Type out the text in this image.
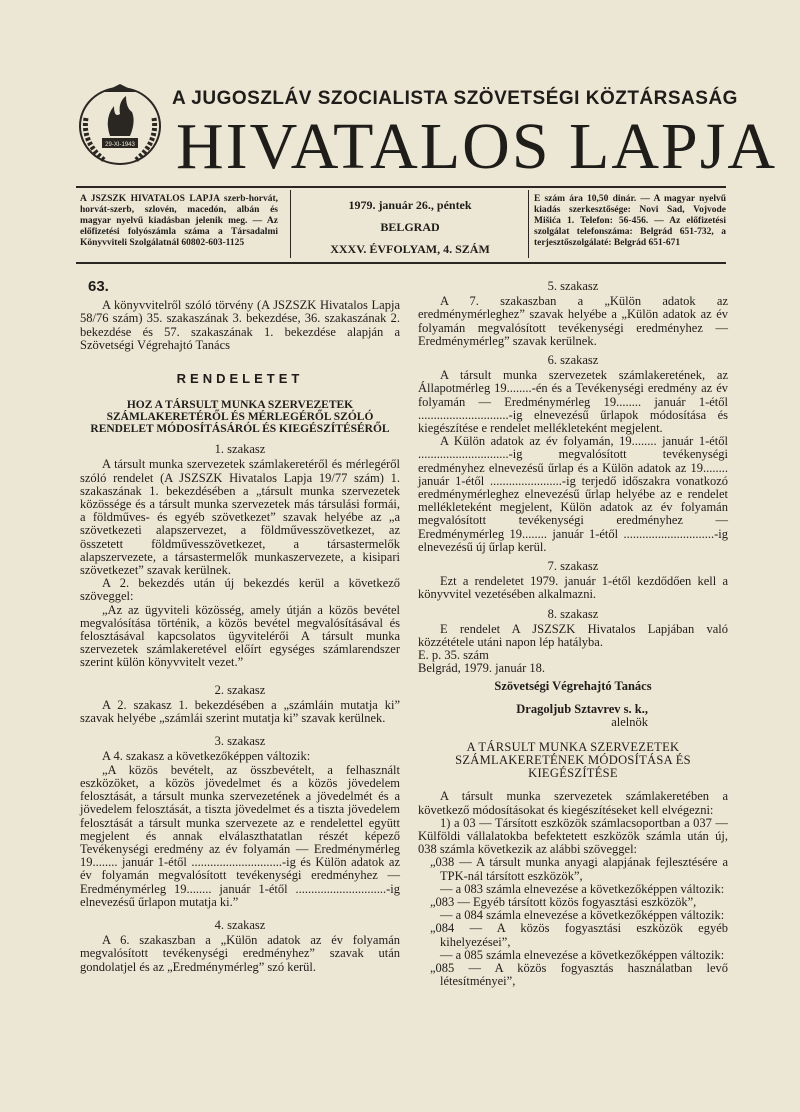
29-XI-1943
A JUGOSZLÁV SZOCIALISTA SZÖVETSÉGI KÖZTÁRSASÁG
HIVATALOS LAPJA
A JSZSZK HIVATALOS LAPJA szerb-horvát, horvát-szerb, szlovén, macedón, albán és magyar nyelvű kiadásban jelenik meg. — Az előfizetési folyószámla száma a Társadalmi Könyvviteli Szolgálatnál 60802-603-1125
1979. január 26., péntek
BELGRAD
XXXV. ÉVFOLYAM, 4. SZÁM
E szám ára 10,50 dinár. — A magyar nyelvű kiadás szerkesztősége: Novi Sad, Vojvode Mišića 1. Telefon: 56-456. — Az előfizetési szolgálat telefonszáma: Belgrád 651-732, a terjesztőszolgálaté: Belgrád 651-671

63.

A könyvvitelről szóló törvény (A JSZSZK Hivatalos Lapja 58/76 szám) 35. szakaszának 3. bekezdése, 36. szakaszának 2. bekezdése és 57. szakaszának 1. bekezdése alapján a Szövetségi Végrehajtó Tanács

RENDELETET

HOZ A TÁRSULT MUNKA SZERVEZETEK SZÁMLAKERETÉRŐL ÉS MÉRLEGÉRŐL SZÓLÓ RENDELET MÓDOSÍTÁSÁRÓL ÉS KIEGÉSZÍTÉSÉRŐL

1. szakasz

A társult munka szervezetek számlakeretéről és mérlegéről szóló rendelet (A JSZSZK Hivatalos Lapja 19/77 szám) 1. szakaszának 1. bekezdésében a „társult munka szervezetek közössége és a társult munka szervezetek más társulási formái, a földműves- és egyéb szövetkezet” szavak helyébe az „a szövetkezeti alapszervezet, a földművesszövetkezet, az összetett földművesszövetkezet, a társastermelők alapszervezete, a társastermelők munkaszervezete, a kisipari szövetkezet” szavak kerülnek.

A 2. bekezdés után új bekezdés kerül a következő szöveggel:

„Az az ügyviteli közösség, amely útján a közös bevétel megvalósítása történik, a közös bevétel megvalósításával és felosztásával kapcsolatos ügyvitelérői A társult munka szervezetek számlakeretével előírt egységes számlarendszer szerint külön könyvvitelt vezet.”

2. szakasz

A 2. szakasz 1. bekezdésében a „számláin mutatja ki” szavak helyébe „számlái szerint mutatja ki” szavak kerülnek.

3. szakasz

A 4. szakasz a következőképpen változik:

„A közös bevételt, az összbevételt, a felhasznált eszközöket, a közös jövedelmet és a közös jövedelem felosztását, a társult munka szervezetének a jövedelmét és a jövedelem felosztását, a tiszta jövedelmet és a tiszta jövedelem felosztását a társult munka szervezete az e rendelettel együtt megjelent és annak elválaszthatatlan részét képező Tevékenységi eredmény az év folyamán — Eredménymérleg 19........ január 1-étől .............................-ig és Külön adatok az év folyamán megvalósított tevékenységi eredményhez — Eredménymérleg 19........ január 1-étől .............................-ig elnevezésű űrlapon mutatja ki.”

4. szakasz

A 6. szakaszban a „Külön adatok az év folyamán megvalósított tevékenységi eredményhez” szavak után gondolatjel és az „Eredménymérleg” szó kerül.

5. szakasz

A 7. szakaszban a „Külön adatok az eredménymérleghez” szavak helyébe a „Külön adatok az év folyamán megvalósított tevékenységi eredményhez — Eredménymérleg” szavak kerülnek.

6. szakasz

A társult munka szervezetek számlakeretének, az Állapotmérleg 19........-én és a Tevékenységi eredmény az év folyamán — Eredménymérleg 19........ január 1-étől .............................-ig elnevezésű űrlapok módosítása és kiegészítése e rendelet mellékleteként megjelent.

A Külön adatok az év folyamán, 19........ január 1-étől .............................-ig megvalósított tevékenységi eredményhez elnevezésű űrlap és a Külön adatok az 19........ január 1-étől .......................-ig terjedő időszakra vonatkozó eredménymérleghez elnevezésű űrlap helyébe az e rendelet mellékleteként megjelent, Külön adatok az év folyamán megvalósított tevékenységi eredményhez — Eredménymérleg 19........ január 1-étől .............................-ig elnevezésű új űrlap kerül.

7. szakasz

Ezt a rendeletet 1979. január 1-étől kezdődően kell a könyvvitel vezetésében alkalmazni.

8. szakasz

E rendelet A JSZSZK Hivatalos Lapjában való közzététele utáni napon lép hatályba.

E. p. 35. szám

Belgrád, 1979. január 18.

Szövetségi Végrehajtó Tanács

Dragoljub Sztavrev s. k.,

alelnök

A TÁRSULT MUNKA SZERVEZETEK SZÁMLAKERETÉNEK MÓDOSÍTÁSA ÉS KIEGÉSZÍTÉSE

A társult munka szervezetek számlakeretében a következő módosításokat és kiegészítéseket kell elvégezni:

1) a 03 — Társított eszközök számlacsoportban a 037 — Külföldi vállalatokba befektetett eszközök számla után új, 038 számla következik az alábbi szöveggel:

„038 — A társult munka anyagi alapjának fejlesztésére a TPK-nál társított eszközök”,

— a 083 számla elnevezése a következőképpen változik:

„083 — Egyéb társított közös fogyasztási eszközök”,

— a 084 számla elnevezése a következőképpen változik:

„084 — A közös fogyasztási eszközök egyéb kihelyezései”,

— a 085 számla elnevezése a következőképpen változik:

„085 — A közös fogyasztás használatban levő létesítményei”,
